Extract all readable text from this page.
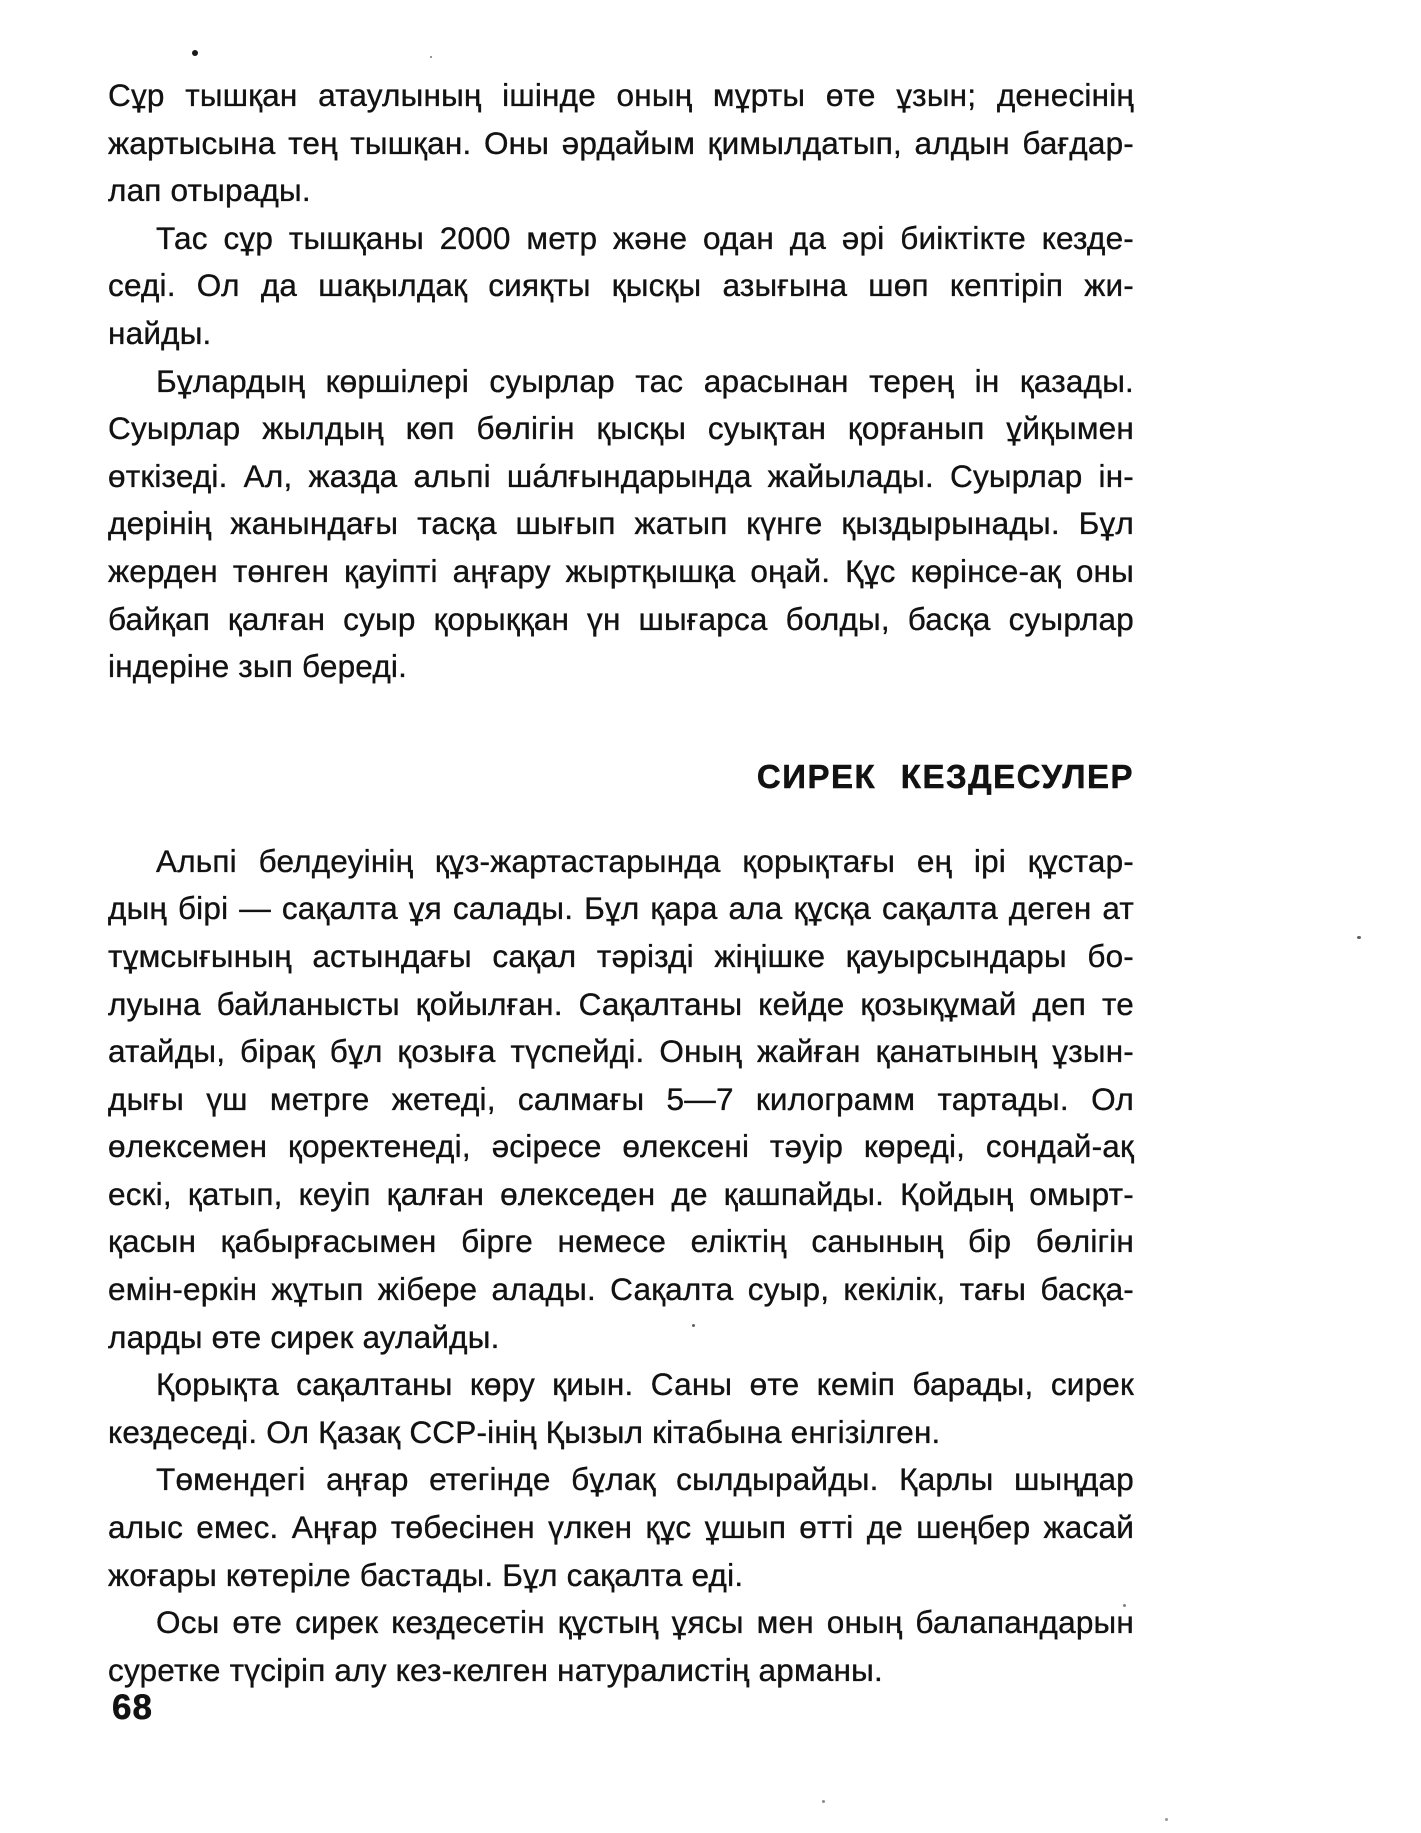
Сұр тышқан атаулының ішінде оның мұрты өте ұзын; денесінің
жартысына тең тышқан. Оны әрдайым қимылдатып, алдын бағдар-
лап отырады.
Тас сұр тышқаны 2000 метр және одан да әрі биіктікте кезде-
седі. Ол да шақылдақ сияқты қысқы азығына шөп кептіріп жи-
найды.
Бұлардың көршілері суырлар тас арасынан терең ін қазады.
Суырлар жылдың көп бөлігін қысқы суықтан қорғанып ұйқымен
өткізеді. Ал, жазда альпі ша́лғындарында жайылады. Суырлар ін-
дерінің жанындағы тасқа шығып жатып күнге қыздырынады. Бұл
жерден төнген қауіпті аңғару жыртқышқа оңай. Құс көрінсе-ақ оны
байқап қалған суыр қорыққан үн шығарса болды, басқа суырлар
індеріне зып береді.
СИРЕК КЕЗДЕСУЛЕР
Альпі белдеуінің құз-жартастарында қорықтағы ең ірі құстар-
дың бірі — сақалта ұя салады. Бұл қара ала құсқа сақалта деген ат
тұмсығының астындағы сақал тәрізді жіңішке қауырсындары бо-
луына байланысты қойылған. Сақалтаны кейде қозықұмай деп те
атайды, бірақ бұл қозыға түспейді. Оның жайған қанатының ұзын-
дығы үш метрге жетеді, салмағы 5—7 килограмм тартады. Ол
өлексемен қоректенеді, әсіресе өлексені тәуір көреді, сондай-ақ
ескі, қатып, кеуіп қалған өлекседен де қашпайды. Қойдың омырт-
қасын қабырғасымен бірге немесе еліктің санының бір бөлігін
емін-еркін жұтып жібере алады. Сақалта суыр, кекілік, тағы басқа-
ларды өте сирек аулайды.
Қорықта сақалтаны көру қиын. Саны өте кеміп барады, сирек
кездеседі. Ол Қазақ ССР-інің Қызыл кітабына енгізілген.
Төмендегі аңғар етегінде бұлақ сылдырайды. Қарлы шыңдар
алыс емес. Аңғар төбесінен үлкен құс ұшып өтті де шеңбер жасай
жоғары көтеріле бастады. Бұл сақалта еді.
Осы өте сирек кездесетін құстың ұясы мен оның балапандарын
суретке түсіріп алу кез-келген натуралистің арманы.
68
